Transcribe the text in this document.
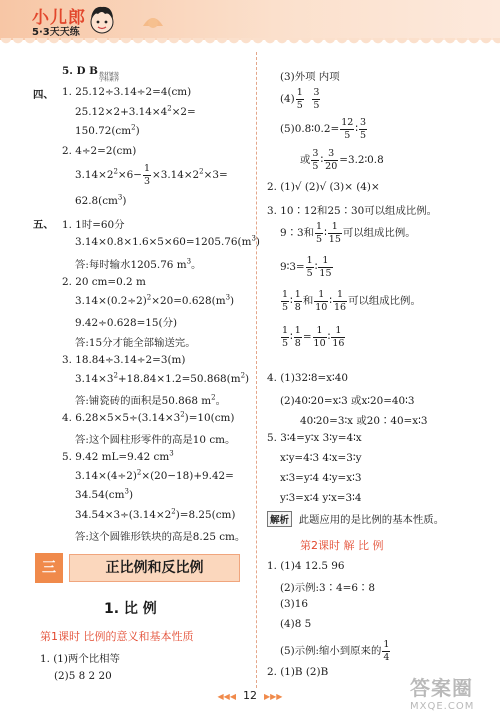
小儿郎
5·3天天练
5. D B 教材链接
学科素养
四、 1. 25.12÷3.14÷2=4(cm)
$25.12\times 2+3.14\times 4^2\times 2=$
$150.72(cm^2)$
2. 4÷2=2(cm)
$3.14\times 2^2\times 6- \frac{1}{3} \times 3.14\times 2^2\times 3=$
$62.8(cm^3)$
五、 1. 1时=60分
$3.14\times 0.8\times 1.6\times 5\times 60=1205.76(m^3)$
答:每时输水1205.76 $m^3$。
2. 20 cm=0.2 m
$3.14\times(0.2\div 2)^2\times 20=0.628(m^3)$
9.42÷0.628=15(分)
答:15分才能全部输送完。
3. 18.84÷3.14÷2=3(m)
$3.14\times 3^2+18.84\times 1.2=50.868(m^2)$
答:铺瓷砖的面积是50.868 $m^2$。
4. $6.28\times 5\times 5\div(3.14\times 3^2)=10(cm)$
答:这个圆柱形零件的高是10 cm。
5. 9.42 mL=9.42 $cm^3$
$3.14\times(4\div 2)^2\times(20-18)+9.42=$
$34.54(cm^3)$
$34.54\times 3\div(3.14\times 2^2)=8.25(cm)$
答:这个圆锥形铁块的高是8.25 cm。
三	正比例和反比例
1. 比 例
第1课时 比例的意义和基本性质
1. (1)两个比相等
(2)5 8 2 20
(3)外项 内项
$(4) \frac{1}{5}$
$\frac{3}{5}$
(5)0.8∶0.2= $\frac{12}{5}$ ∶ $\frac{3}{5}$
或 $\frac{3}{5}$ ∶ $\frac{3}{20}$ =3.2∶0.8
2. (1)√ (2)√ (3)× (4)×
3. 10∶12和25∶30可以组成比例。
9∶3和 $\frac{1}{5}$ ∶ $\frac{1}{15}$ 可以组成比例。
9∶3= $\frac{1}{5}$ ∶ $\frac{1}{15}$
$\frac{1}{5}$ ∶ $\frac{1}{8}$ 和 $\frac{1}{10}$ ∶ $\frac{1}{16}$ 可以组成比例。
$\frac{1}{5}$ ∶ $\frac{1}{8} = \frac{1}{10}$ ∶ $\frac{1}{16}$
4. (1)32∶8=x∶40
(2)40∶20=x∶3 或x∶20=40∶3
40∶20=3∶x 或20∶40=x∶3
5. 3∶4=y∶x 3∶y=4∶x
x∶y=4∶3 4∶x=3∶y
x∶3=y∶4 4∶y=x∶3
y∶3=x∶4 y∶x=3∶4
解析 此题应用的是比例的基本性质。
第2课时 解 比 例
1. (1)4 12.5 96
(2)示例:3∶4=6∶8
(3)16
(4)8 5
(5)示例:缩小到原来的 $\frac{1}{4}$
2. (1)B (2)B
◀◀◀ 12 ▶▶▶	答案圈
MXQE.COM
